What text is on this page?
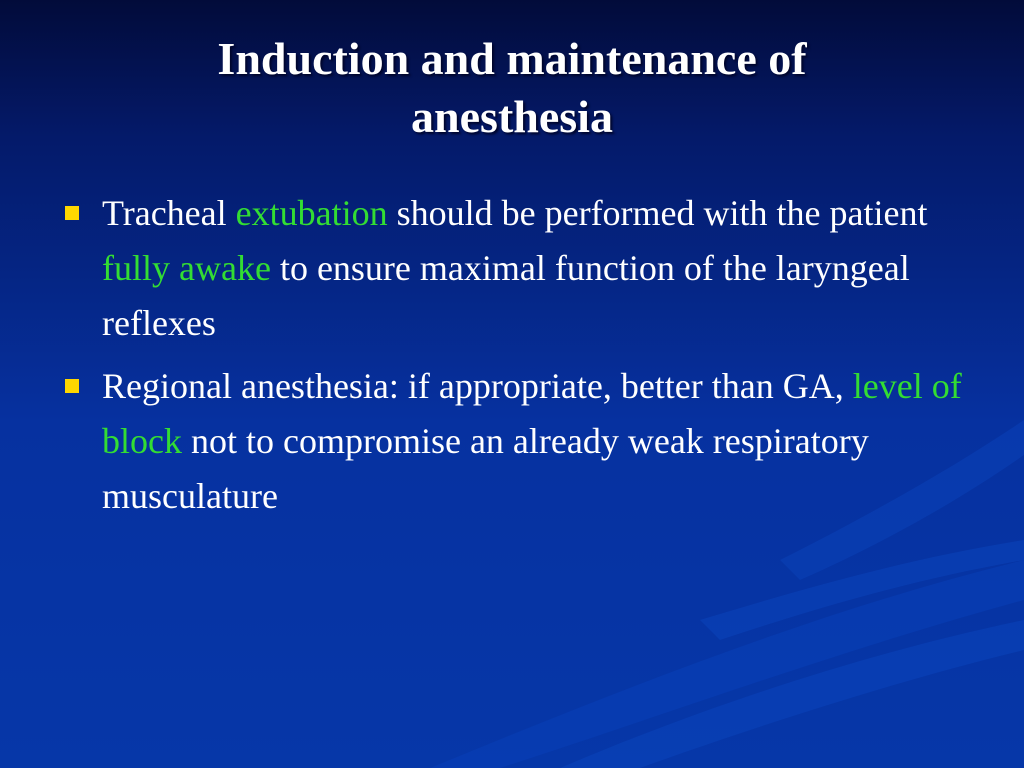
Induction and maintenance of
anesthesia
Tracheal extubation should be performed with the patient fully awake to ensure maximal function of the laryngeal reflexes
Regional anesthesia: if appropriate, better than GA, level of block not to compromise an already weak respiratory musculature
